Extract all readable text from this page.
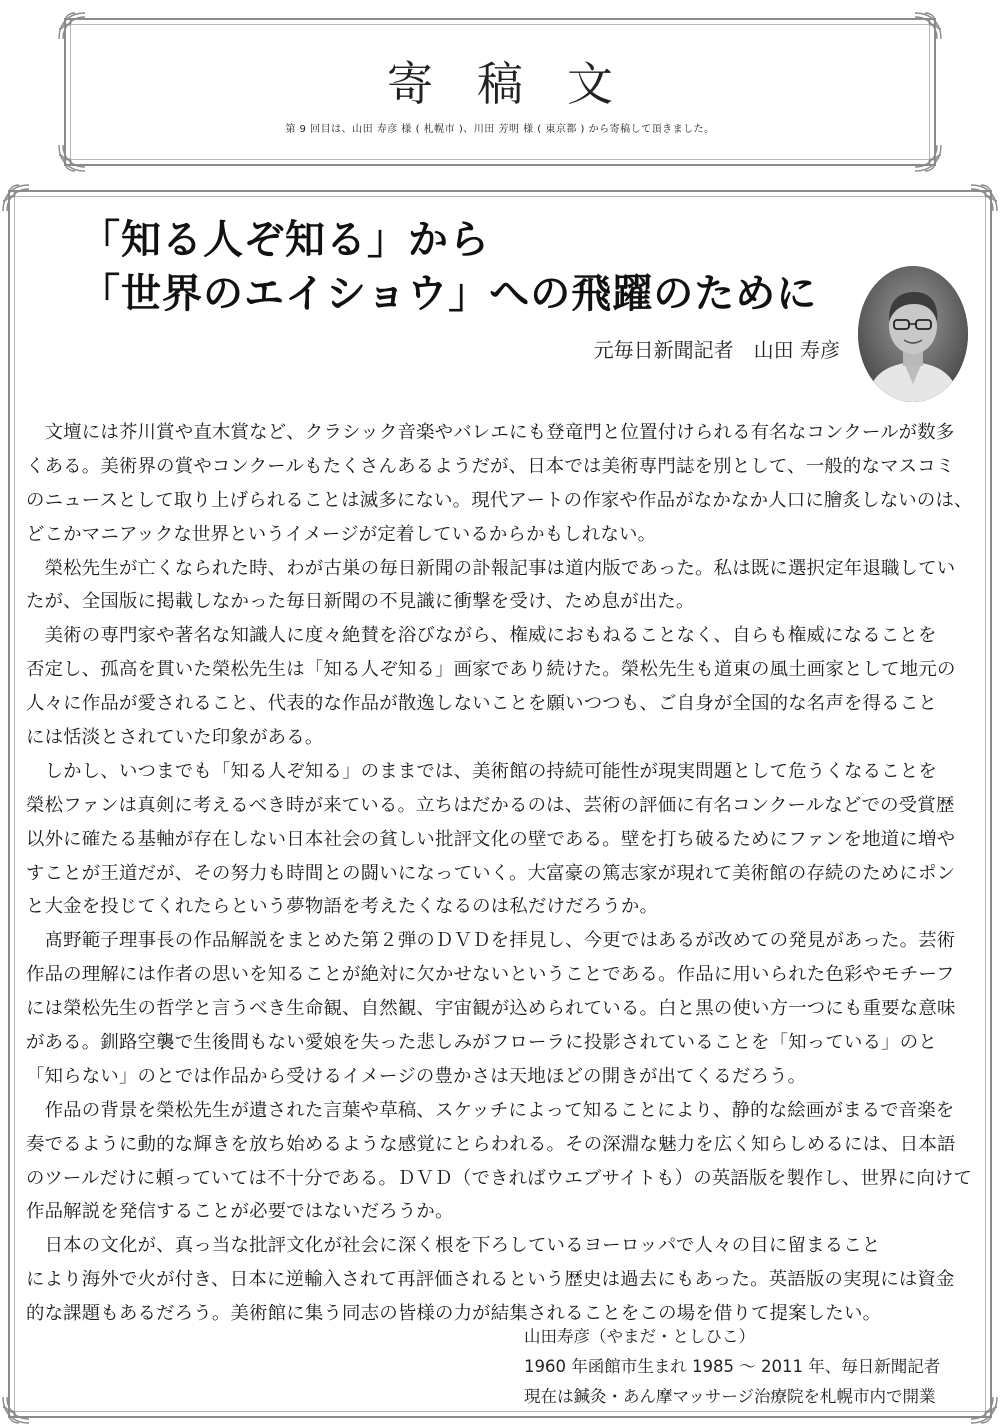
寄稿文
第 9 回目は、山田 寿彦 様 ( 札幌市 )、川田 芳明 様 ( 東京都 ) から寄稿して頂きました。
「知る人ぞ知る」から
「世界のエイショウ」への飛躍のために
元毎日新聞記者　山田 寿彦
　文壇には芥川賞や直木賞など、クラシック音楽やバレエにも登竜門と位置付けられる有名なコンクールが数多
くある。美術界の賞やコンクールもたくさんあるようだが、日本では美術専門誌を別として、一般的なマスコミ
のニュースとして取り上げられることは滅多にない。現代アートの作家や作品がなかなか人口に膾炙しないのは、
どこかマニアックな世界というイメージが定着しているからかもしれない。
　榮松先生が亡くなられた時、わが古巣の毎日新聞の訃報記事は道内版であった。私は既に選択定年退職してい
たが、全国版に掲載しなかった毎日新聞の不見識に衝撃を受け、ため息が出た。
　美術の専門家や著名な知識人に度々絶賛を浴びながら、権威におもねることなく、自らも権威になることを
否定し、孤高を貫いた榮松先生は「知る人ぞ知る」画家であり続けた。榮松先生も道東の風土画家として地元の
人々に作品が愛されること、代表的な作品が散逸しないことを願いつつも、ご自身が全国的な名声を得ること
には恬淡とされていた印象がある。
　しかし、いつまでも「知る人ぞ知る」のままでは、美術館の持続可能性が現実問題として危うくなることを
榮松ファンは真剣に考えるべき時が来ている。立ちはだかるのは、芸術の評価に有名コンクールなどでの受賞歴
以外に確たる基軸が存在しない日本社会の貧しい批評文化の壁である。壁を打ち破るためにファンを地道に増や
すことが王道だが、その努力も時間との闘いになっていく。大富豪の篤志家が現れて美術館の存続のためにポン
と大金を投じてくれたらという夢物語を考えたくなるのは私だけだろうか。
　髙野範子理事長の作品解説をまとめた第２弾のＤＶＤを拝見し、今更ではあるが改めての発見があった。芸術
作品の理解には作者の思いを知ることが絶対に欠かせないということである。作品に用いられた色彩やモチーフ
には榮松先生の哲学と言うべき生命観、自然観、宇宙観が込められている。白と黒の使い方一つにも重要な意味
がある。釧路空襲で生後間もない愛娘を失った悲しみがフローラに投影されていることを「知っている」のと
「知らない」のとでは作品から受けるイメージの豊かさは天地ほどの開きが出てくるだろう。
　作品の背景を榮松先生が遺された言葉や草稿、スケッチによって知ることにより、静的な絵画がまるで音楽を
奏でるように動的な輝きを放ち始めるような感覚にとらわれる。その深淵な魅力を広く知らしめるには、日本語
のツールだけに頼っていては不十分である。ＤＶＤ（できればウエブサイトも）の英語版を製作し、世界に向けて
作品解説を発信することが必要ではないだろうか。
　日本の文化が、真っ当な批評文化が社会に深く根を下ろしているヨーロッパで人々の目に留まること
により海外で火が付き、日本に逆輸入されて再評価されるという歴史は過去にもあった。英語版の実現には資金
的な課題もあるだろう。美術館に集う同志の皆様の力が結集されることをこの場を借りて提案したい。
山田寿彦（やまだ・としひこ）
1960 年函館市生まれ 1985 ～ 2011 年、毎日新聞記者
現在は鍼灸・あん摩マッサージ治療院を札幌市内で開業
